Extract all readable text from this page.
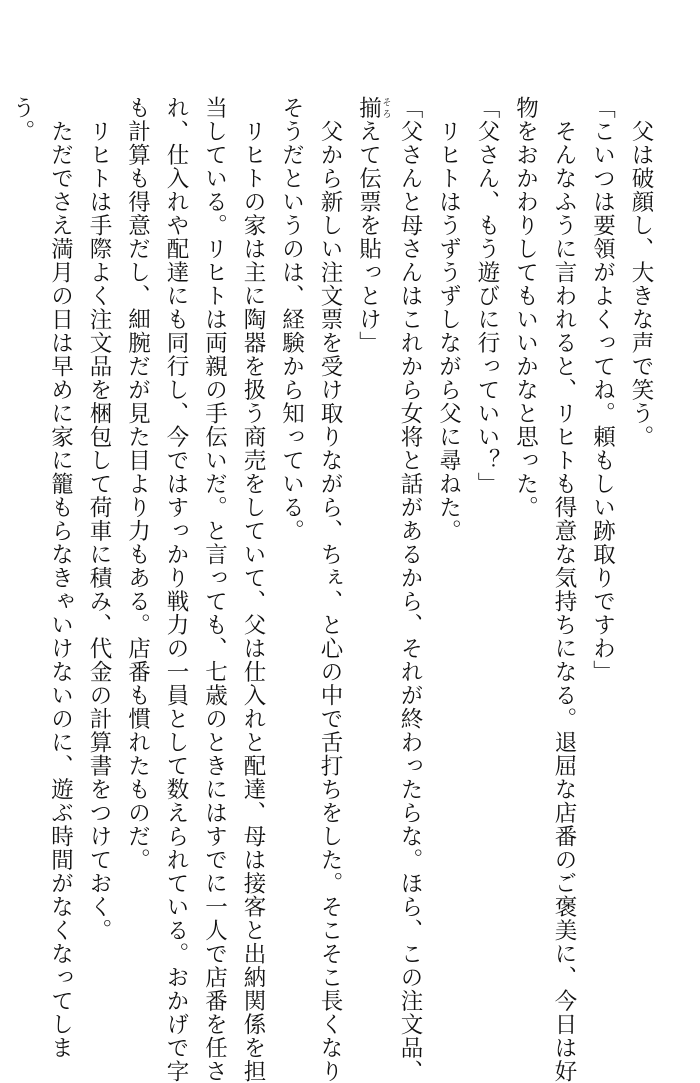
　父は破顔し、大きな声で笑う。
「こいつは要領がよくってね。頼もしい跡取りですわ」
　そんなふうに言われると、リヒトも得意な気持ちになる。退屈な店番のご褒美に、今日は好
物をおかわりしてもいいかなと思った。
「父さん、もう遊びに行っていい？」
　リヒトはうずうずしながら父に尋ねた。
「父さんと母さんはこれから女将と話があるから、それが終わったらな。ほら、この注文品、
揃 そろえて伝票を貼っとけ」
　父から新しい注文票を受け取りながら、ちぇ、と心の中で舌打ちをした。そこそこ長くなり
そうだというのは、経験から知っている。
　リヒトの家は主に陶器を扱う商売をしていて、父は仕入れと配達、母は接客と出納関係を担
当している。リヒトは両親の手伝いだ。と言っても、七歳のときにはすでに一人で店番を任さ
れ、仕入れや配達にも同行し、今ではすっかり戦力の一員として数えられている。おかげで字
も計算も得意だし、細腕だが見た目より力もある。店番も慣れたものだ。
　リヒトは手際よく注文品を梱包して荷車に積み、代金の計算書をつけておく。
　ただでさえ満月の日は早めに家に籠もらなきゃいけないのに、遊ぶ時間がなくなってしま
う。
